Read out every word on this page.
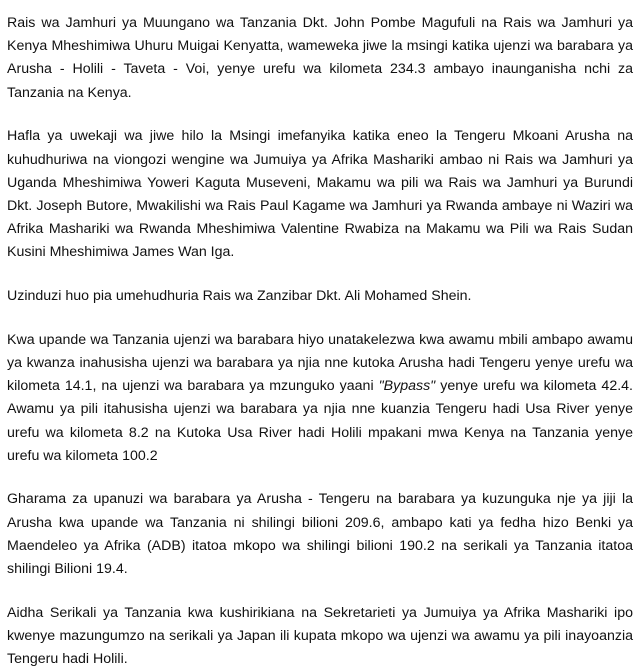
Rais wa Jamhuri ya Muungano wa Tanzania Dkt. John Pombe Magufuli na Rais wa Jamhuri ya Kenya Mheshimiwa Uhuru Muigai Kenyatta, wameweka jiwe la msingi katika ujenzi wa barabara ya Arusha - Holili - Taveta - Voi, yenye urefu wa kilometa 234.3 ambayo inaunganisha nchi za Tanzania na Kenya.

Hafla ya uwekaji wa jiwe hilo la Msingi imefanyika katika eneo la Tengeru Mkoani Arusha na kuhudhuriwa na viongozi wengine wa Jumuiya ya Afrika Mashariki ambao ni Rais wa Jamhuri ya Uganda Mheshimiwa Yoweri Kaguta Museveni, Makamu wa pili wa Rais wa Jamhuri ya Burundi Dkt. Joseph Butore, Mwakilishi wa Rais Paul Kagame wa Jamhuri ya Rwanda ambaye ni Waziri wa Afrika Mashariki wa Rwanda Mheshimiwa Valentine Rwabiza na Makamu wa Pili wa Rais Sudan Kusini Mheshimiwa James Wan Iga.

Uzinduzi huo pia umehudhuria Rais wa Zanzibar Dkt. Ali Mohamed Shein.

Kwa upande wa Tanzania ujenzi wa barabara hiyo unatakelezwa kwa awamu mbili ambapo awamu ya kwanza inahusisha ujenzi wa barabara ya njia nne kutoka Arusha hadi Tengeru yenye urefu wa kilometa 14.1, na ujenzi wa barabara ya mzunguko yaani "Bypass" yenye urefu wa kilometa 42.4. Awamu ya pili itahusisha ujenzi wa barabara ya njia nne kuanzia Tengeru hadi Usa River yenye urefu wa kilometa 8.2 na Kutoka Usa River hadi Holili mpakani mwa Kenya na Tanzania yenye urefu wa kilometa 100.2

Gharama za upanuzi wa barabara ya Arusha - Tengeru na barabara ya kuzunguka nje ya jiji la Arusha kwa upande wa Tanzania ni shilingi bilioni 209.6, ambapo kati ya fedha hizo Benki ya Maendeleo ya Afrika (ADB) itatoa mkopo wa shilingi bilioni 190.2 na serikali ya Tanzania itatoa shilingi Bilioni 19.4.

Aidha Serikali ya Tanzania kwa kushirikiana na Sekretarieti ya Jumuiya ya Afrika Mashariki ipo kwenye mazungumzo na serikali ya Japan ili kupata mkopo wa ujenzi wa awamu ya pili inayoanzia Tengeru hadi Holili.
